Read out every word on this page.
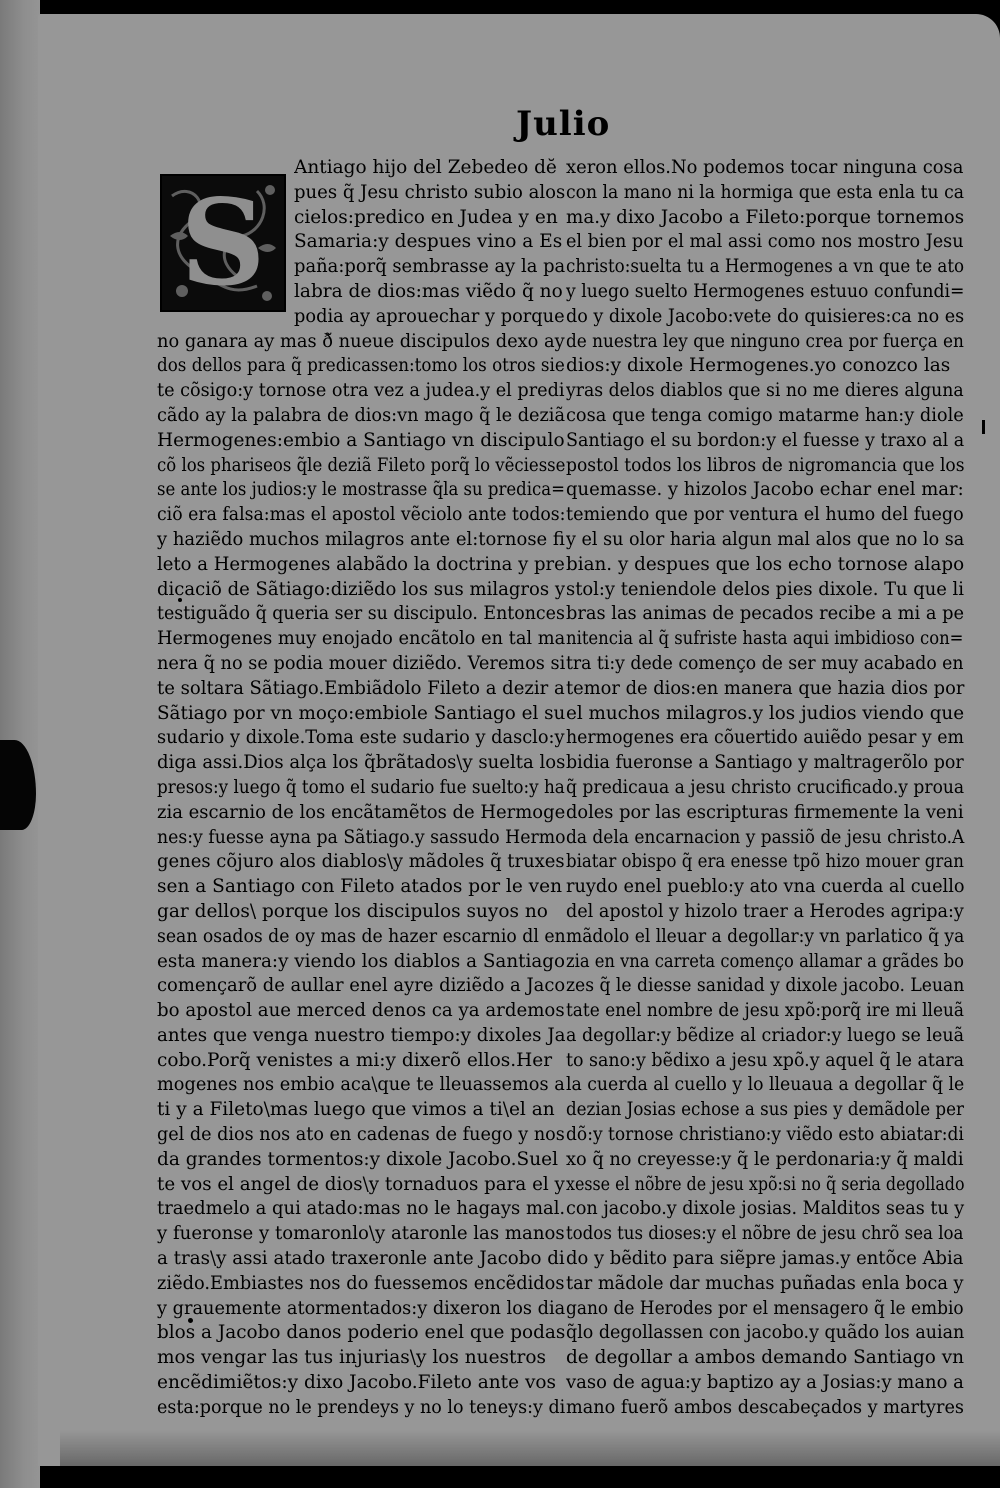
Julio
S
Antiago hijo del Zebedeo dӗ
pues q̃ Jesu christo subio alos
cielos:predico en Judea y en
Samaria:y despues vino a Es
paña:porq̃ sembrasse ay la pa
labra de dios:mas viẽdo q̃ no
podia ay aprouechar y porque
no ganara ay mas ð̃ nueue discipulos dexo ay
dos dellos para q̃ predicassen:tomo los otros sie
te cõsigo:y tornose otra vez a judea.y el predi
cãdo ay la palabra de dios:vn mago q̃ le deziã
Hermogenes:embio a Santiago vn discipulo
cõ los phariseos q̃le deziã Fileto porq̃ lo vẽciesse
se ante los judios:y le mostrasse q̃la su predica=
ciõ era falsa:mas el apostol vẽciolo ante todos:
y haziẽdo muchos milagros ante el:tornose fi
leto a Hermogenes alabãdo la doctrina y pre
dicaciõ de Sãtiago:diziẽdo los sus milagros y
testiguãdo q̃ queria ser su discipulo. Entonces
Hermogenes muy enojado encãtolo en tal ma
nera q̃ no se podia mouer diziẽdo. Veremos si
te soltara Sãtiago.Embiãdolo Fileto a dezir a
Sãtiago por vn moço:embiole Santiago el su
sudario y dixole.Toma este sudario y dasclo:y
diga assi.Dios alça los q̃brãtados\y suelta los
presos:y luego q̃ tomo el sudario fue suelto:y ha
zia escarnio de los encãtamẽtos de Hermoge
nes:y fuesse ayna pa Sãtiago.y sassudo Hermo
genes cõjuro alos diablos\y mãdoles q̃ truxes
sen a Santiago con Fileto atados por le ven
gar dellos\ porque los discipulos suyos no
sean osados de oy mas de hazer escarnio dl en
esta manera:y viendo los diablos a Santiago
començarõ de aullar enel ayre diziẽdo a Jaco
bo apostol aue merced denos ca ya ardemos
antes que venga nuestro tiempo:y dixoles Ja
cobo.Porq̃ venistes a mi:y dixerõ ellos.Her
mogenes nos embio aca\que te lleuassemos a
ti y a Fileto\mas luego que vimos a ti\el an
gel de dios nos ato en cadenas de fuego y nos
da grandes tormentos:y dixole Jacobo.Suel
te vos el angel de dios\y tornaduos para el y
traedmelo a qui atado:mas no le hagays mal.
y fueronse y tomaronlo\y ataronle las manos
a tras\y assi atado traxeronle ante Jacobo di
ziẽdo.Embiastes nos do fuessemos encẽdidos
y grauemente atormentados:y dixeron los dia
blos a Jacobo danos poderio enel que podas
mos vengar las tus injurias\y los nuestros
encẽdimiẽtos:y dixo Jacobo.Fileto ante vos
esta:porque no le prendeys y no lo teneys:y di
xeron ellos.No podemos tocar ninguna cosa
con la mano ni la hormiga que esta enla tu ca
ma.y dixo Jacobo a Fileto:porque tornemos
el bien por el mal assi como nos mostro Jesu
christo:suelta tu a Hermogenes a vn que te ato
y luego suelto Hermogenes estuuo confundi=
do y dixole Jacobo:vete do quisieres:ca no es
de nuestra ley que ninguno crea por fuerça en
dios:y dixole Hermogenes.yo conozco las
yras delos diablos que si no me dieres alguna
cosa que tenga comigo matarme han:y diole
Santiago el su bordon:y el fuesse y traxo al a
postol todos los libros de nigromancia que los
quemasse. y hizolos Jacobo echar enel mar:
temiendo que por ventura el humo del fuego
y el su olor haria algun mal alos que no lo sa
bian. y despues que los echo tornose alapo
stol:y teniendole delos pies dixole. Tu que li
bras las animas de pecados recibe a mi a pe
nitencia al q̃ sufriste hasta aqui imbidioso con=
tra ti:y dede començo de ser muy acabado en
temor de dios:en manera que hazia dios por
el muchos milagros.y los judios viendo que
hermogenes era cõuertido auiẽdo pesar y em
bidia fueronse a Santiago y maltragerõlo por
q̃ predicaua a jesu christo crucificado.y proua
doles por las escripturas firmemente la veni
da dela encarnacion y passiõ de jesu christo.A
biatar obispo q̃ era enesse tpõ hizo mouer gran
ruydo enel pueblo:y ato vna cuerda al cuello
del apostol y hizolo traer a Herodes agripa:y
mãdolo el lleuar a degollar:y vn parlatico q̃ ya
zia en vna carreta començo allamar a grãdes bo
zes q̃ le diesse sanidad y dixole jacobo. Leuan
tate enel nombre de jesu xpõ:porq̃ ire mi lleuã
a degollar:y bẽdize al criador:y luego se leuã
to sano:y bẽdixo a jesu xpõ.y aquel q̃ le atara
la cuerda al cuello y lo lleuaua a degollar q̃ le
dezian Josias echose a sus pies y demãdole per
dõ:y tornose christiano:y viẽdo esto abiatar:di
xo q̃ no creyesse:y q̃ le perdonaria:y q̃ maldi
xesse el nõbre de jesu xpõ:si no q̃ seria degollado
con jacobo.y dixole josias. Malditos seas tu y
todos tus dioses:y el nõbre de jesu chrõ sea loa
do y bẽdito para siẽpre jamas.y entõce Abia
tar mãdole dar muchas puñadas enla boca y
gano de Herodes por el mensagero q̃ le embio
q̃lo degollassen con jacobo.y quãdo los auian
de degollar a ambos demando Santiago vn
vaso de agua:y baptizo ay a Josias:y mano a
mano fuerõ ambos descabeçados y martyres
